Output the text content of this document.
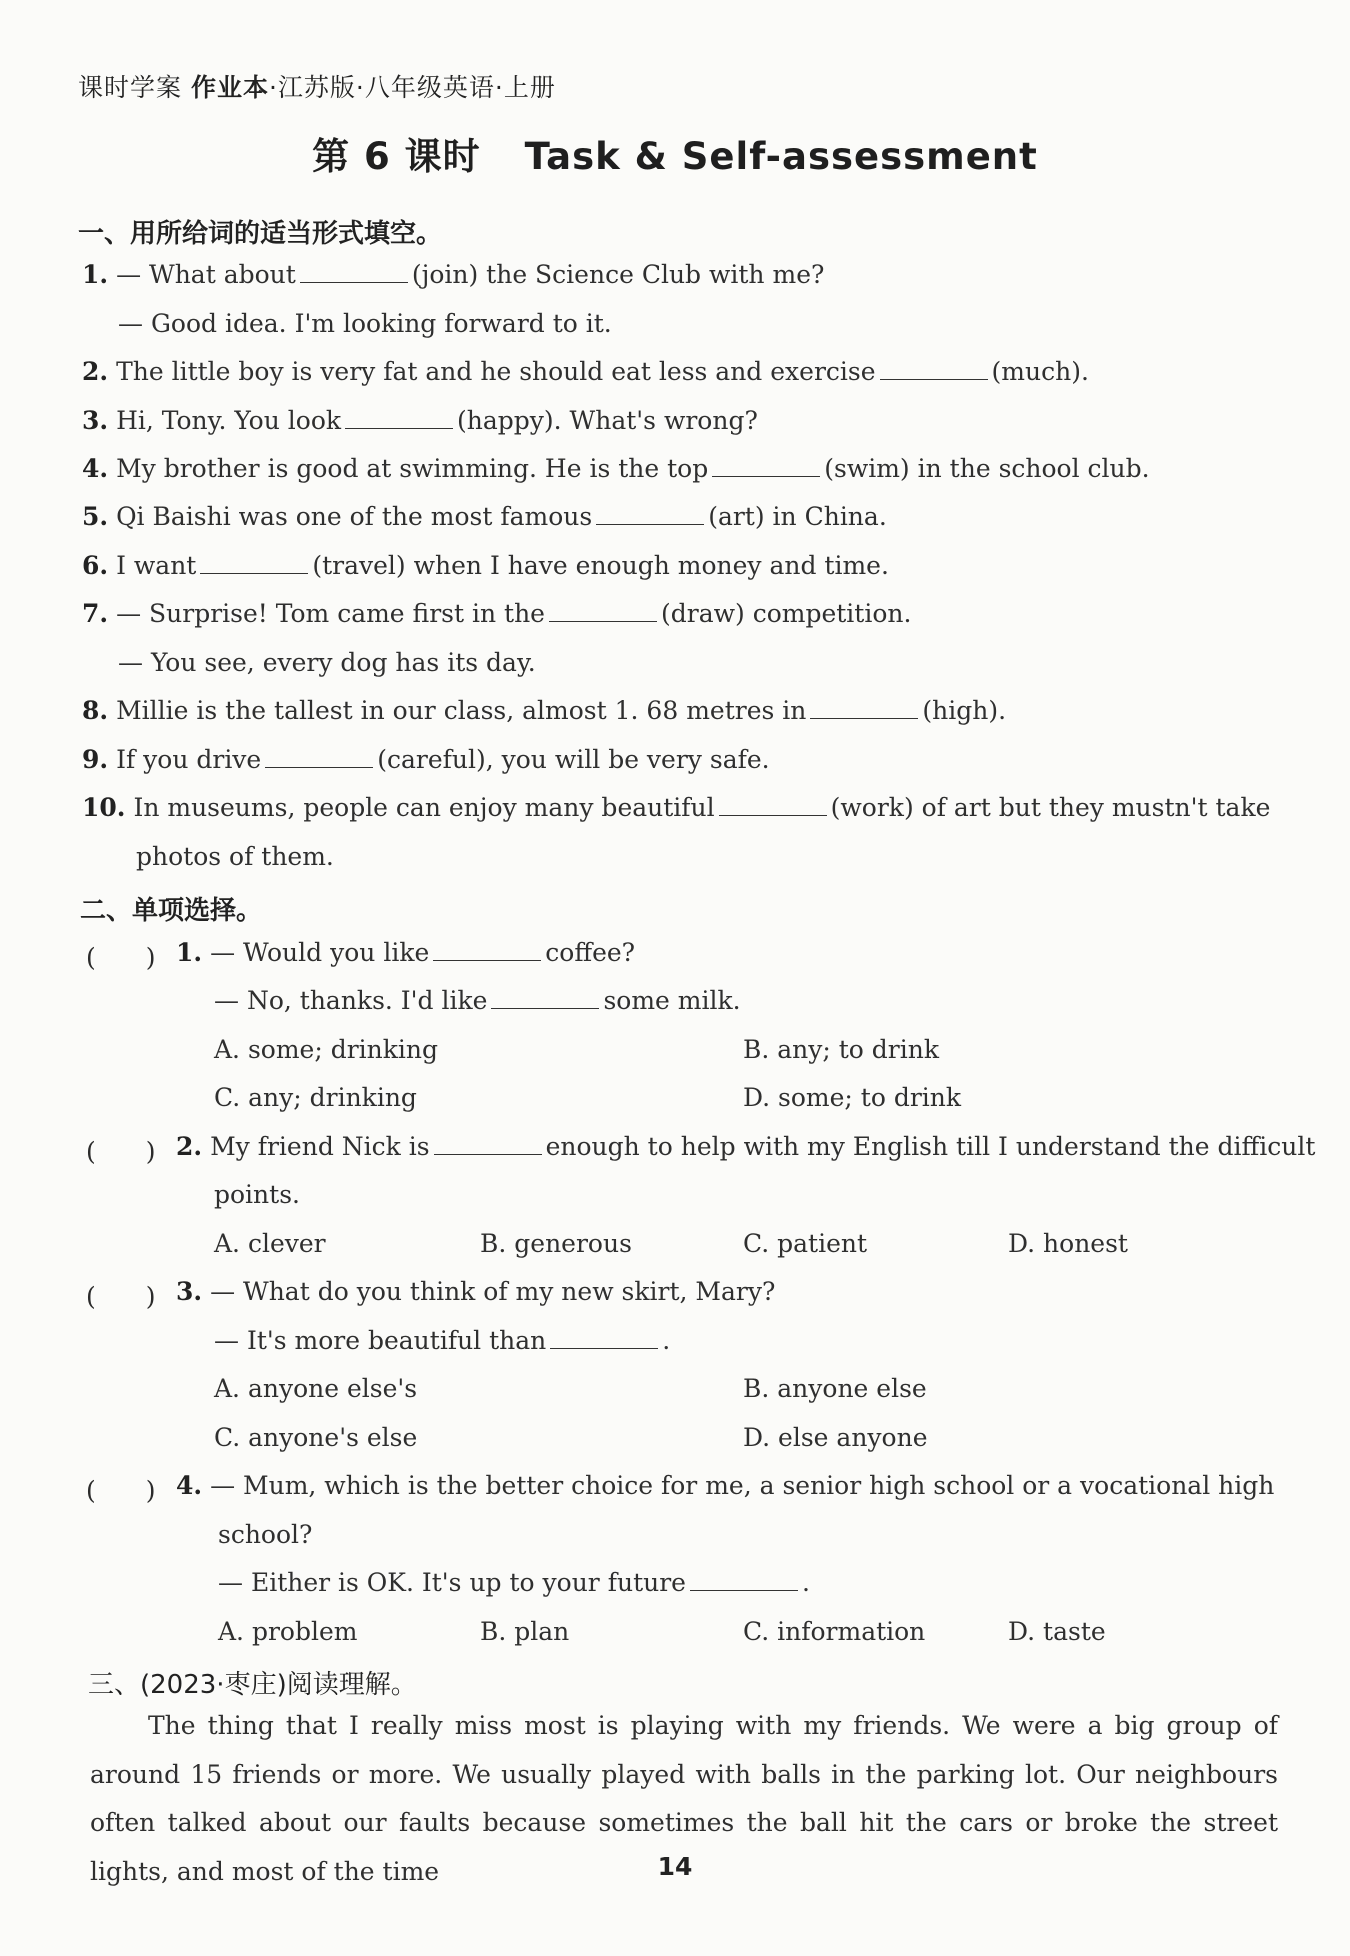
课时学案 作业本·江苏版·八年级英语·上册
第 6 课时 Task & Self-assessment
一、用所给词的适当形式填空。
1. — What about	(join) the Science Club with me?
— Good idea. I'm looking forward to it.
2. The little boy is very fat and he should eat less and exercise	(much).
3. Hi, Tony. You look	(happy). What's wrong?
4. My brother is good at swimming. He is the top	(swim) in the school club.
5. Qi Baishi was one of the most famous	(art) in China.
6. I want	(travel) when I have enough money and time.
7. — Surprise! Tom came first in the	(draw) competition.
— You see, every dog has its day.
8. Millie is the tallest in our class, almost 1. 68 metres in	(high).
9. If you drive	(careful), you will be very safe.
10. In museums, people can enjoy many beautiful	(work) of art but they mustn't take
photos of them.
二、单项选择。
(　　) 1. — Would you like	coffee?
— No, thanks. I'd like	some milk.
A. some; drinking	B. any; to drink
C. any; drinking	D. some; to drink
(　　) 2. My friend Nick is	enough to help with my English till I understand the difficult
points.
A. clever	B. generous	C. patient	D. honest
(　　) 3. — What do you think of my new skirt, Mary?
— It's more beautiful than	.
A. anyone else's	B. anyone else
C. anyone's else	D. else anyone
(　　) 4. — Mum, which is the better choice for me, a senior high school or a vocational high
school?
— Either is OK. It's up to your future	.
A. problem	B. plan	C. information	D. taste
三、(2023·枣庄)阅读理解。

The thing that I really miss most is playing with my friends. We were a big group of around 15 friends or more. We usually played with balls in the parking lot. Our neighbours often talked about our faults because sometimes the ball hit the cars or broke the street lights, and most of the time	14
